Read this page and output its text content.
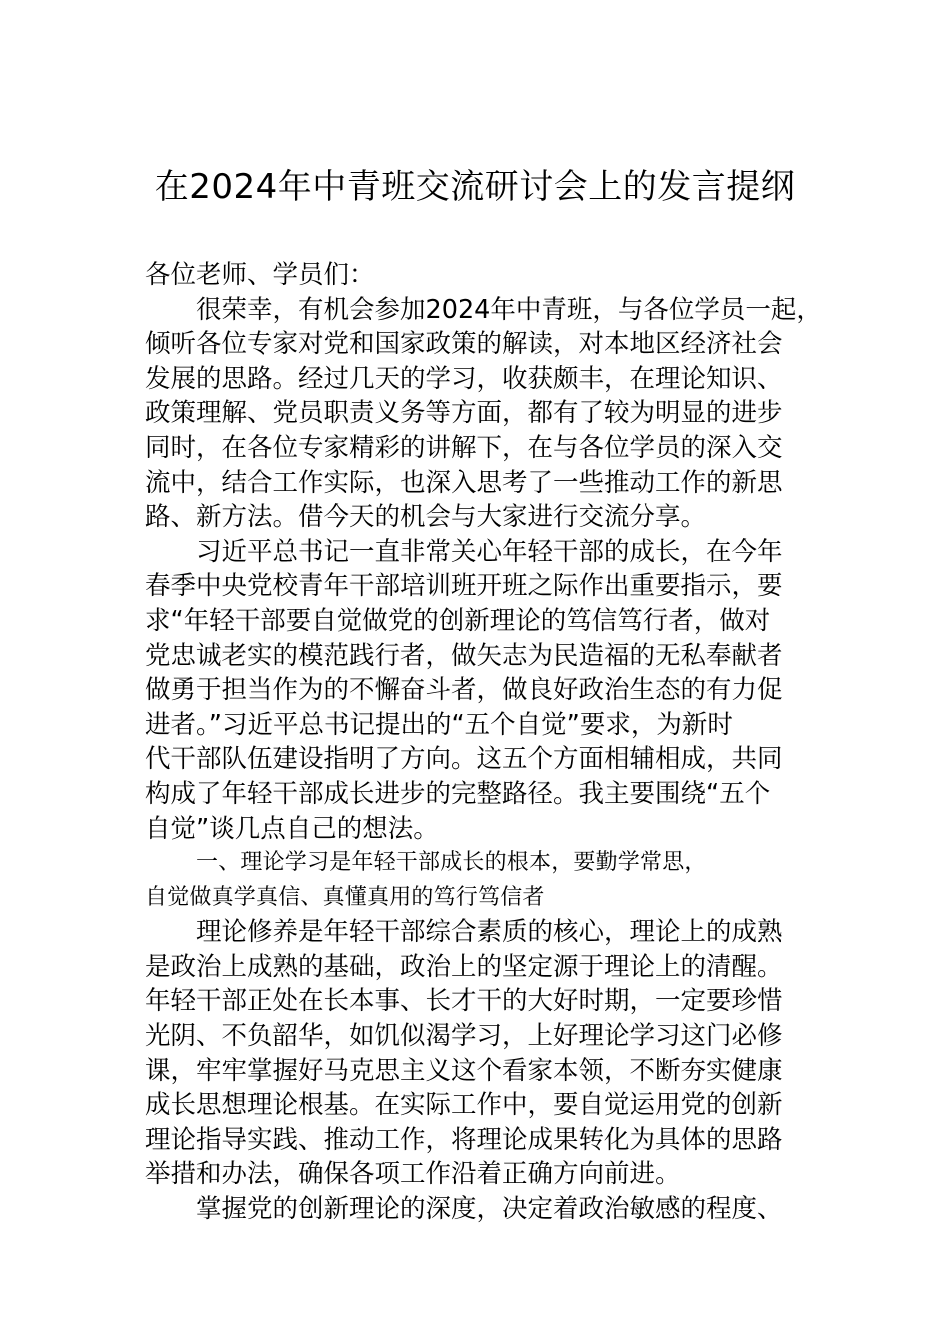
在2024年中青班交流研讨会上的发言提纲
各位老师、学员们：
很荣幸，有机会参加2024年中青班，与各位学员一起，
倾听各位专家对党和国家政策的解读，对本地区经济社会
发展的思路。经过几天的学习，收获颇丰，在理论知识、
政策理解、党员职责义务等方面，都有了较为明显的进步
同时，在各位专家精彩的讲解下，在与各位学员的深入交
流中，结合工作实际，也深入思考了一些推动工作的新思
路、新方法。借今天的机会与大家进行交流分享。
习近平总书记一直非常关心年轻干部的成长，在今年
春季中央党校青年干部培训班开班之际作出重要指示，要
求“年轻干部要自觉做党的创新理论的笃信笃行者，做对
党忠诚老实的模范践行者，做矢志为民造福的无私奉献者
做勇于担当作为的不懈奋斗者，做良好政治生态的有力促
进者。”习近平总书记提出的“五个自觉”要求，为新时
代干部队伍建设指明了方向。这五个方面相辅相成，共同
构成了年轻干部成长进步的完整路径。我主要围绕“五个
自觉”谈几点自己的想法。
一、理论学习是年轻干部成长的根本，要勤学常思，
自觉做真学真信、真懂真用的笃行笃信者
理论修养是年轻干部综合素质的核心，理论上的成熟
是政治上成熟的基础，政治上的坚定源于理论上的清醒。
年轻干部正处在长本事、长才干的大好时期，一定要珍惜
光阴、不负韶华，如饥似渴学习，上好理论学习这门必修
课，牢牢掌握好马克思主义这个看家本领，不断夯实健康
成长思想理论根基。在实际工作中，要自觉运用党的创新
理论指导实践、推动工作，将理论成果转化为具体的思路
举措和办法，确保各项工作沿着正确方向前进。
掌握党的创新理论的深度，决定着政治敏感的程度、
